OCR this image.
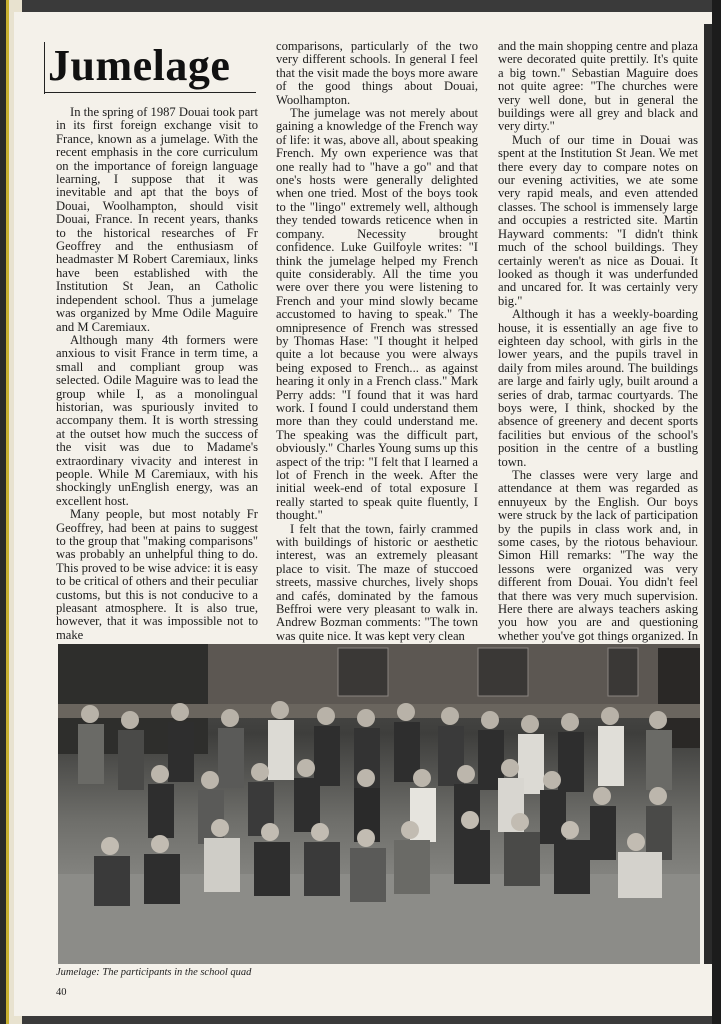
Jumelage

In the spring of 1987 Douai took part in its first foreign exchange visit to France, known as a jumelage. With the recent emphasis in the core curriculum on the importance of foreign language learning, I suppose that it was inevitable and apt that the boys of Douai, Woolhampton, should visit Douai, France. In recent years, thanks to the historical researches of Fr Geoffrey and the enthusiasm of headmaster M Robert Caremiaux, links have been established with the Institution St Jean, an Catholic independent school. Thus a jumelage was organized by Mme Odile Maguire and M Caremiaux.

Although many 4th formers were anxious to visit France in term time, a small and compliant group was selected. Odile Maguire was to lead the group while I, as a monolingual historian, was spuriously invited to accompany them. It is worth stressing at the outset how much the success of the visit was due to Madame's extraordinary vivacity and interest in people. While M Caremiaux, with his shockingly unEnglish energy, was an excellent host.

Many people, but most notably Fr Geoffrey, had been at pains to suggest to the group that "making comparisons" was probably an unhelpful thing to do. This proved to be wise advice: it is easy to be critical of others and their peculiar customs, but this is not conducive to a pleasant atmosphere. It is also true, however, that it was impossible not to make

comparisons, particularly of the two very different schools. In general I feel that the visit made the boys more aware of the good things about Douai, Woolhampton.

The jumelage was not merely about gaining a knowledge of the French way of life: it was, above all, about speaking French. My own experience was that one really had to "have a go" and that one's hosts were generally delighted when one tried. Most of the boys took to the "lingo" extremely well, although they tended towards reticence when in company. Necessity brought confidence. Luke Guilfoyle writes: "I think the jumelage helped my French quite considerably. All the time you were over there you were listening to French and your mind slowly became accustomed to having to speak." The omnipresence of French was stressed by Thomas Hase: "I thought it helped quite a lot because you were always being exposed to French... as against hearing it only in a French class." Mark Perry adds: "I found that it was hard work. I found I could understand them more than they could understand me. The speaking was the difficult part, obviously." Charles Young sums up this aspect of the trip: "I felt that I learned a lot of French in the week. After the initial week-end of total exposure I really started to speak quite fluently, I thought."

I felt that the town, fairly crammed with buildings of historic or aesthetic interest, was an extremely pleasant place to visit. The maze of stuccoed streets, massive churches, lively shops and cafés, dominated by the famous Beffroi were very pleasant to walk in. Andrew Bozman comments: "The town was quite nice. It was kept very clean

and the main shopping centre and plaza were decorated quite prettily. It's quite a big town." Sebastian Maguire does not quite agree: "The churches were very well done, but in general the buildings were all grey and black and very dirty."

Much of our time in Douai was spent at the Institution St Jean. We met there every day to compare notes on our evening activities, we ate some very rapid meals, and even attended classes. The school is immensely large and occupies a restricted site. Martin Hayward comments: "I didn't think much of the school buildings. They certainly weren't as nice as Douai. It looked as though it was underfunded and uncared for. It was certainly very big."

Although it has a weekly-boarding house, it is essentially an age five to eighteen day school, with girls in the lower years, and the pupils travel in daily from miles around. The buildings are large and fairly ugly, built around a series of drab, tarmac courtyards. The boys were, I think, shocked by the absence of greenery and decent sports facilities but envious of the school's position in the centre of a bustling town.

The classes were very large and attendance at them was regarded as ennuyeux by the English. Our boys were struck by the lack of participation by the pupils in class work and, in some cases, by the riotous behaviour. Simon Hill remarks: "The way the lessons were organized was very different from Douai. You didn't feel that there was very much supervision. Here there are always teachers asking you how you are and questioning whether you've got things organized. In

Jumelage: The participants in the school quad
40
